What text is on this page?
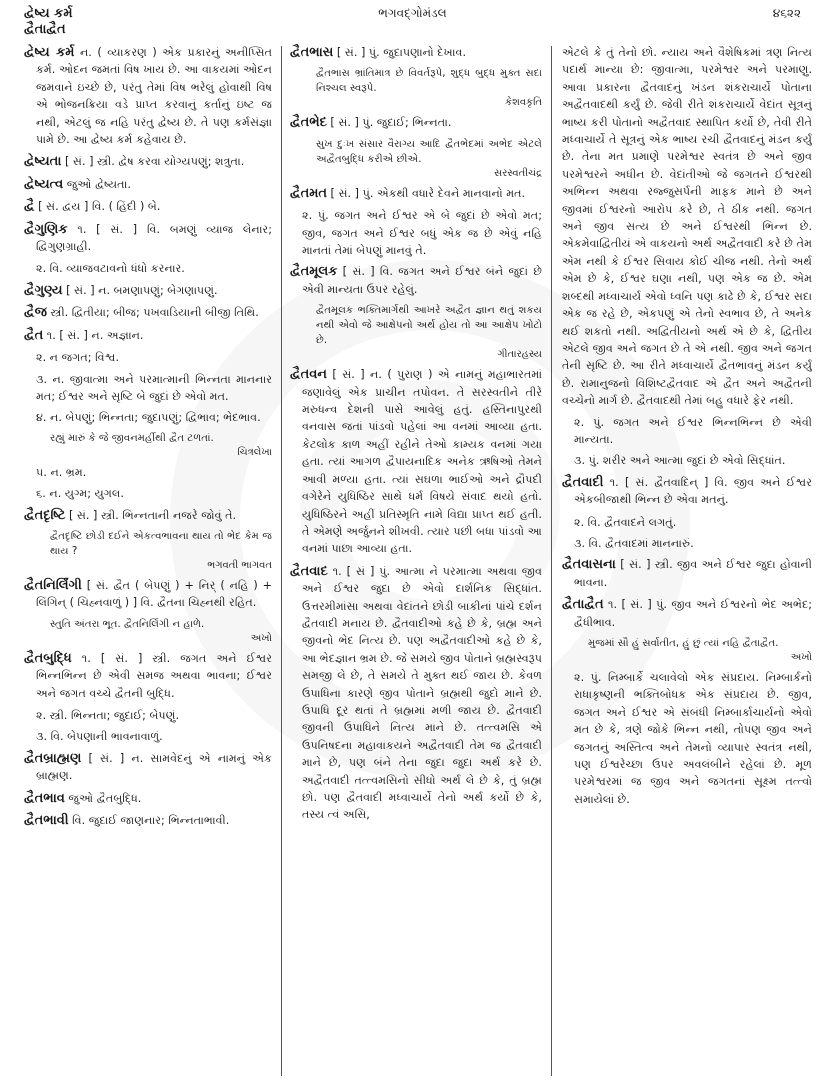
દ્વેષ્ય કર્મ	ભગવદ્ગોમંડલ	૪૬૨૨
દ્વૈતાદ્વૈત

દ્વેષ્ય કર્મ ન. ( વ્યાકરણ ) એક પ્રકારનું અનીપ્સિત કર્મ. ઓદન જમતાં વિષ ખાય છે. આ વાકયમાં ઓદન જમવાને ઇચ્છે છે, પરંતુ તેમાં વિષ ભરેલું હોવાથી વિષ એ ભોજનક્રિયા વડે પ્રાપ્ત કરવાનું કર્તાનું ઇષ્ટ જ નથી, એટલું જ નહિ પરંતુ દ્વેષ્ય છે. તે પણ કર્મસંજ્ઞા પામે છે. આ દ્વેષ્ય કર્મ કહેવાય છે.

દ્વેષ્યતા [ સં. ] સ્ત્રી. દ્વેષ કરવા યોગ્યપણું; શત્રુતા.

દ્વેષ્યત્વ જુઓ દ્વેષ્યતા.

દ્વૈ [ સં. દ્વય ] વિ. ( હિંદી ) બે.

દ્વૈગુણિક ૧. [ સં. ] વિ. બમણું વ્યાજ લેનાર; દ્વિગુણગ્રાહી.

૨. વિ. વ્યાજવટાવનો ધંધો કરનાર.

દ્વૈગુણ્ય [ સં. ] ન. બમણાપણું; બેગણાપણું.

દ્વૈજ સ્ત્રી. દ્વિતીયા; બીજ; પખવાડિયાની બીજી તિથિ.

દ્વૈત ૧. [ સં. ] ન. અજ્ઞાન.

૨. ન જગત; વિશ્વ.

૩. ન. જીવાત્મા અને પરમાત્માની ભિન્નતા માનનાર મત; ઈશ્વર અને સૃષ્ટિ બે જુદાં છે એવો મત.

૪. ન. બેપણું; ભિન્નતા; જુદાપણું; દ્વિભાવ; ભેદભાવ.

રહ્યું મારું કે જે જીવનમર્હીથી દ્વૈત ટળતાં.
ચિત્રલેખા

૫. ન. ભ્રમ.

૬. ન. યુગ્મ; યુગલ.

દ્વૈતદૃષ્ટિ [ સં. ] સ્ત્રી. ભિન્નતાની નજરે જોવું તે.

દ્વૈતદૃષ્ટિ છોડી દઈને એકત્વભાવના થાય તો ભેદ કેમ જ થાય ?
ભગવતી ભાગવત

દ્વૈતનિર્લિંગી [ સં. દ્વૈત ( બેપણું ) + નિર્ ( નહિ ) + લિંગિન્ ( ચિહ્નવાળું ) ] વિ. દ્વૈતના ચિહ્નથી રહિત.

સ્તુતિ અંતરા ભૂત. દ્વૈતનિર્લિંગી ન હાળે.
અખો

દ્વૈતબુદ્ધિ ૧. [ સં. ] સ્ત્રી. જગત અને ઈશ્વર ભિન્નભિન્ન છે એવી સમજ અથવા ભાવના; ઈશ્વર અને જગત વચ્ચે દ્વૈતની બુદ્ધિ.

૨. સ્ત્રી. ભિન્નતા; જુદાઈ; બેપણું.

૩. વિ. બેપણાની ભાવનાવાળું.

દ્વૈતબ્રાહ્મણ [ સં. ] ન. સામવેદનું એ નામનું એક બ્રાહ્મણ.

દ્વૈતભાવ જુઓ દ્વૈતબુદ્ધિ.

દ્વૈતભાવી વિ. જુદાઈ જાણનાર; ભિન્નતાભાવી.

દ્વૈતભાસ [ સં. ] પું. જુદાપણાનો દેખાવ.

દ્વૈતભાસ ભ્રાંતિમાત્ર છે વિવર્તરૂપે, શુદ્ધ બુદ્ધ મુક્ત સદા નિશ્ચલ સ્વરૂપે.
કેશવકૃતિ

દ્વૈતભેદ [ સં. ] પું. જુદાઈ; ભિન્નતા.

સુખ દુઃખ સંસાર વૈરાગ્ય આદિ દ્વૈતભેદમાં અભેદ એટલે અદ્વૈતબુદ્ધિ કરીએ છીએ.
સરસ્વતીચંદ્ર

દ્વૈતમત [ સં. ] પું. એકથી વધારે દેવને માનવાનો મત.

૨. પું. જગત અને ઈશ્વર એ બે જુદાં છે એવો મત; જીવ, જગત અને ઈશ્વર બધું એક જ છે એવું નહિ માનતાં તેમાં બેપણું માનવું તે.

દ્વૈતમૂલક [ સં. ] વિ. જગત અને ઈશ્વર બંને જુદાં છે એવી માન્યતા ઉપર રહેલું.

દ્વૈતમૂલક ભક્તિમાર્ગથી આખરે અદ્વૈત જ્ઞાન થતું શકય નથી એવો જે આક્ષેપનો અર્થ હોય તો આ આક્ષેપ ખોટો છે.
ગીતારહસ્ય

દ્વૈતવન [ સં. ] ન. ( પુરાણ ) એ નામનું મહાભારતમાં જણાવેલું એક પ્રાચીન તપોવન. તે સરસ્વતીને તીરે મરુધન્વ દેશની પાસે આવેલું હતું. હસ્તિનાપુરથી વનવાસ જતાં પાંડવો પહેલાં આ વનમાં આવ્યા હતા. કેટલોક કાળ અહીં રહીને તેઓ કામ્યક વનમાં ગયા હતા. ત્યાં આગળ દ્વૈપાયનાદિક અનેક ઋષિઓ તેમને આવી મળ્યા હતા. ત્યાં સઘળા ભાઈઓ અને દ્રૌપદી વગેરેને યુધિષ્ઠિર સાથે ધર્મ વિષયે સંવાદ થયો હતો. યુધિષ્ઠિરને અહીં પ્રતિસ્મૃતિ નામે વિદ્યા પ્રાપ્ત થઈ હતી. તે એમણે અર્જુનને શીખવી. ત્યાર પછી બધા પાંડવો આ વનમાં પાછા આવ્યા હતા.

દ્વૈતવાદ ૧. [ સં ] પું. આત્મા ને પરમાત્મા અથવા જીવ અને ઈશ્વર જુદા છે એવો દાર્શનિક સિદ્ધાંત. ઉત્તરમીમાંસા અથવા વેદાંતને છોડી બાકીનાં પાંચે દર્શન દ્વૈતવાદી મનાય છે. દ્વૈતવાદીઓ કહે છે કે, બ્રહ્મ અને જીવનો ભેદ નિત્ય છે. પણ અદ્વૈતવાદીઓ કહે છે કે, આ ભેદજ્ઞાન ભ્રમ છે. જે સમયે જીવ પોતાને બ્રહ્મસ્વરૂપ સમજી લે છે, તે સમયે તે મુક્ત થઈ જાય છે. કેવળ ઉપાધિના કારણે જીવ પોતાને બ્રહ્મથી જુદો માને છે. ઉપાધિ દૂર થતાં તે બ્રહ્મમાં મળી જાય છે. દ્વૈતવાદી જીવની ઉપાધિને નિત્ય માને છે. તત્ત્વમસિ એ ઉપનિષદના મહાવાકયને અદ્વૈતવાદી તેમ જ દ્વૈતવાદી માને છે, પણ બંને તેના જુદા જુદા અર્થ કરે છે. અદ્વૈતવાદી તત્ત્વમસિનો સીધો અર્થ લે છે કે, તું બ્રહ્મ છો. પણ દ્વૈતવાદી મધ્વાચાર્યે તેનો અર્થ કર્યો છે કે, તસ્ય ત્વં અસિ,

એટલે કે તું તેનો છો. ન્યાય અને વૈશેષિકમાં ત્રણ નિત્ય પદાર્થ માન્યા છે: જીવાત્મા, પરમેશ્વર અને પરમાણુ. આવા પ્રકારના દ્વૈતવાદનું ખંડન શંકરાચાર્યે પોતાના અદ્વૈતવાદથી કર્યું છે. જેવી રીતે શંકરાચાર્યે વેદાંત સૂત્રનું ભાષ્ય કરી પોતાનો અદ્વૈતવાદ સ્થાપિત કર્યો છે, તેવી રીતે મધ્વાચાર્યે તે સૂત્રનું એક ભાષ્ય રચી દ્વૈતવાદનું મંડન કર્યું છે. તેના મત પ્રમાણે પરમેશ્વર સ્વતંત્ર છે અને જીવ પરમેશ્વરને અધીન છે. વેદાંતીઓ જે જગતને ઈશ્વરથી અભિન્ન અથવા રજ્જુસર્પની માફક માને છે અને જીવમાં ઈશ્વરનો આરોપ કરે છે, તે ઠીક નથી. જગત અને જીવ સત્ય છે અને ઈશ્વરથી ભિન્ન છે. એકમેવાદ્વિતીયં એ વાકયનો અર્થ અદ્વૈતવાદી કરે છે તેમ એમ નથી કે ઈશ્વર સિવાય કોઈ ચીજ નથી. તેનો અર્થ એમ છે કે, ઈશ્વર ઘણા નથી, પણ એક જ છે. એમ શબ્દથી મધ્વાચાર્ય એવો ધ્વનિ પણ કાઢે છે કે, ઈશ્વર સદા એક જ રહે છે, એકપણું એ તેનો સ્વભાવ છે, તે અનેક થઈ શકતો નથી. અદ્વિતીયનો અર્થ એ છે કે, દ્વિતીય એટલે જીવ અને જગત છે તે એ નથી. જીવ અને જગત તેની સૃષ્ટિ છે. આ રીતે મધ્વાચાર્યે દ્વૈતભાવનું મંડન કર્યું છે. રામાનુજનો વિશિષ્ટદ્વૈતવાદ એ દ્વૈત અને અદ્વૈતની વચ્ચેનો માર્ગ છે. દ્વૈતવાદથી તેમાં બહુ વધારે ફેર નથી.

૨. પું. જગત અને ઈશ્વર ભિન્નભિન્ન છે એવી માન્યતા.

૩. પું. શરીર અને આત્મા જુદાં છે એવો સિદ્ધાંત.

દ્વૈતવાદી ૧. [ સં. દ્વૈતવાદિન્ ] વિ. જીવ અને ઈશ્વર એકબીજાથી ભિન્ન છે એવા મતનું.

૨. વિ. દ્વૈતવાદને લગતું.

૩. વિ. દ્વૈતવાદમાં માનનારું.

દ્વૈતવાસના [ સં. ] સ્ત્રી. જીવ અને ઈશ્વર જુદા હોવાની ભાવના.

દ્વૈતાદ્વૈત ૧. [ સં. ] પું. જીવ અને ઈશ્વરનો ભેદ અભેદ; દ્વૈધીભાવ.

મુજમાં સૌ હું સર્વાતીત, હું છું ત્યાં નહિ દ્વૈતાદ્વૈત.
અખો

૨. પું. નિમ્બાર્કે ચલાવેલો એક સંપ્રદાય. નિમ્બાર્કનો રાધાકૃષ્ણની ભક્તિબોધક એક સંપ્રદાય છે. જીવ, જગત અને ઈશ્વર એ સંબંધી નિમ્બાર્કાચાર્યનો એવો મત છે કે, ત્રણે જોકે ભિન્ન નથી, તોપણ જીવ અને જગતનું અસ્તિત્વ અને તેમનો વ્યાપાર સ્વતંત્ર નથી, પણ ઈશ્વરેચ્છા ઉપર અવલંબીને રહેલાં છે. મૂળ પરમેશ્વરમાં જ જીવ અને જગતનાં સૂક્ષ્મ તત્ત્વો સમાયેલાં છે.
